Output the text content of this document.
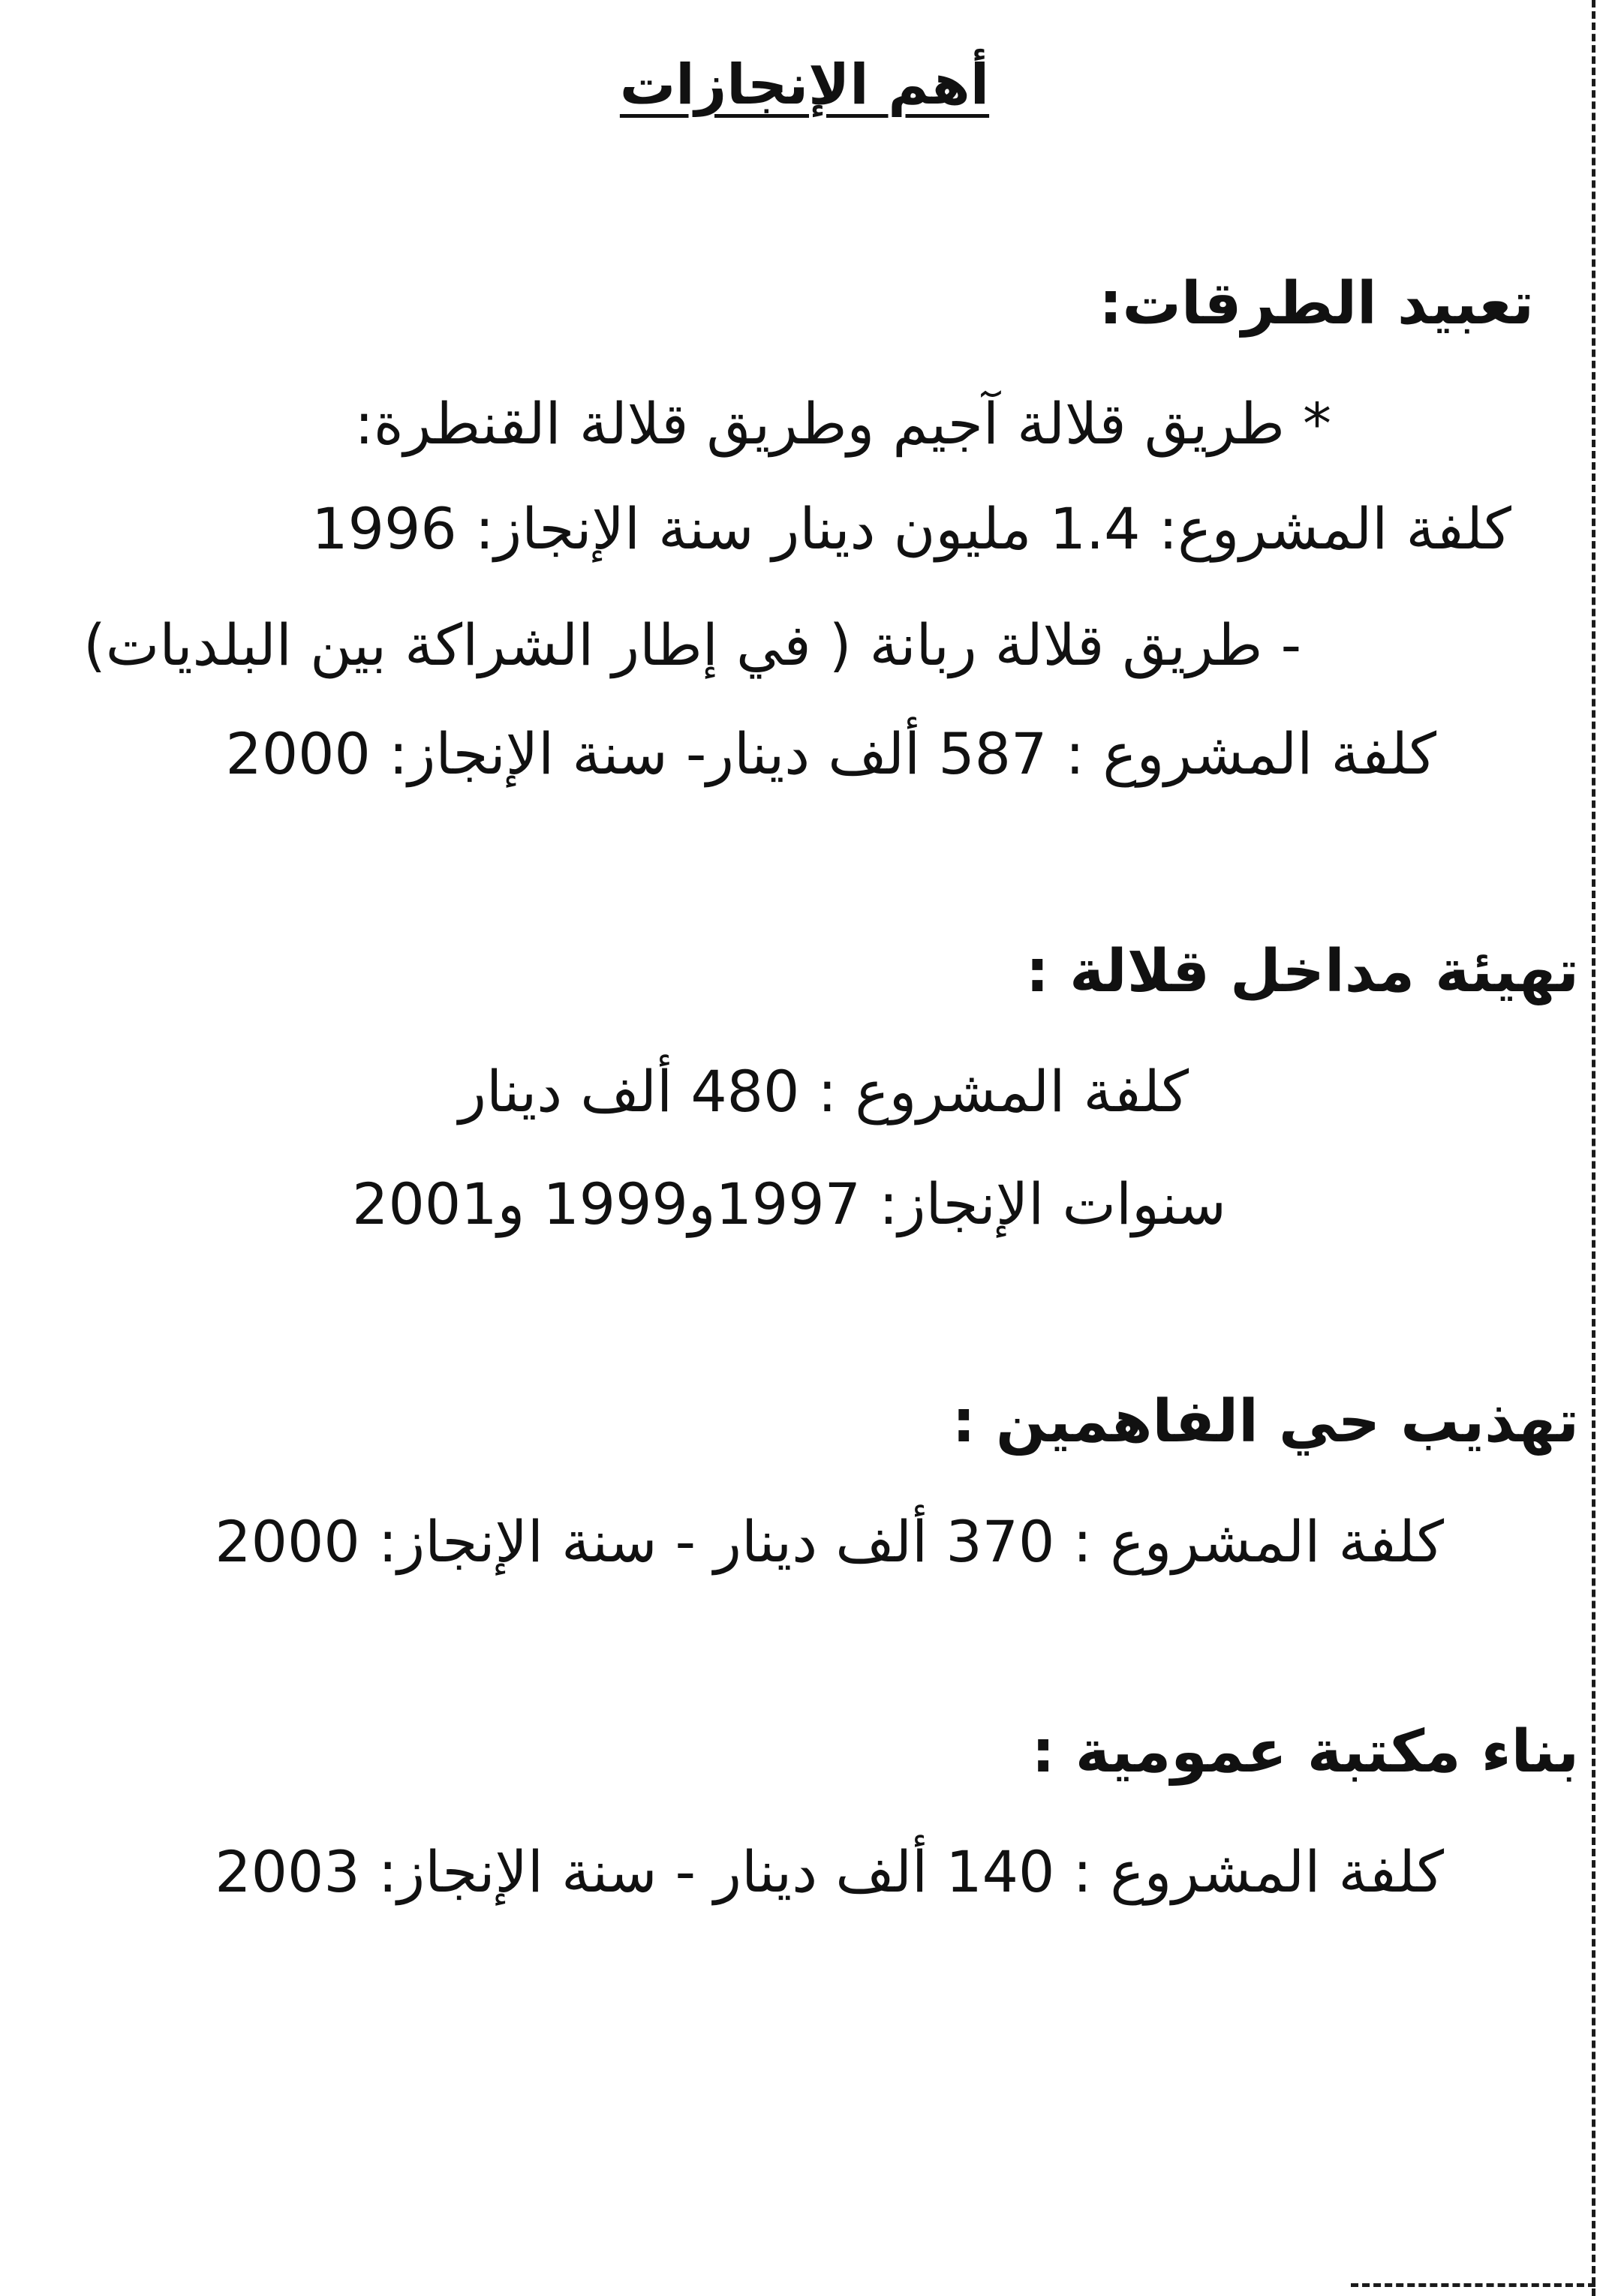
أهم الإنجازات
تعبيد الطرقات:

* طريق قلالة آجيم وطريق قلالة القنطرة:

كلفة المشروع: 1.4 مليون دينار سنة الإنجاز: 1996

- طريق قلالة ربانة ( في إطار الشراكة بين البلديات)

كلفة المشروع : 587 ألف دينار- سنة الإنجاز: 2000

تهيئة مداخل قلالة :

كلفة المشروع : 480 ألف دينار

سنوات الإنجاز: 1997و1999 و2001

تهذيب حي الفاهمين :

كلفة المشروع : 370 ألف دينار - سنة الإنجاز: 2000

بناء مكتبة عمومية :

كلفة المشروع : 140 ألف دينار - سنة الإنجاز: 2003
